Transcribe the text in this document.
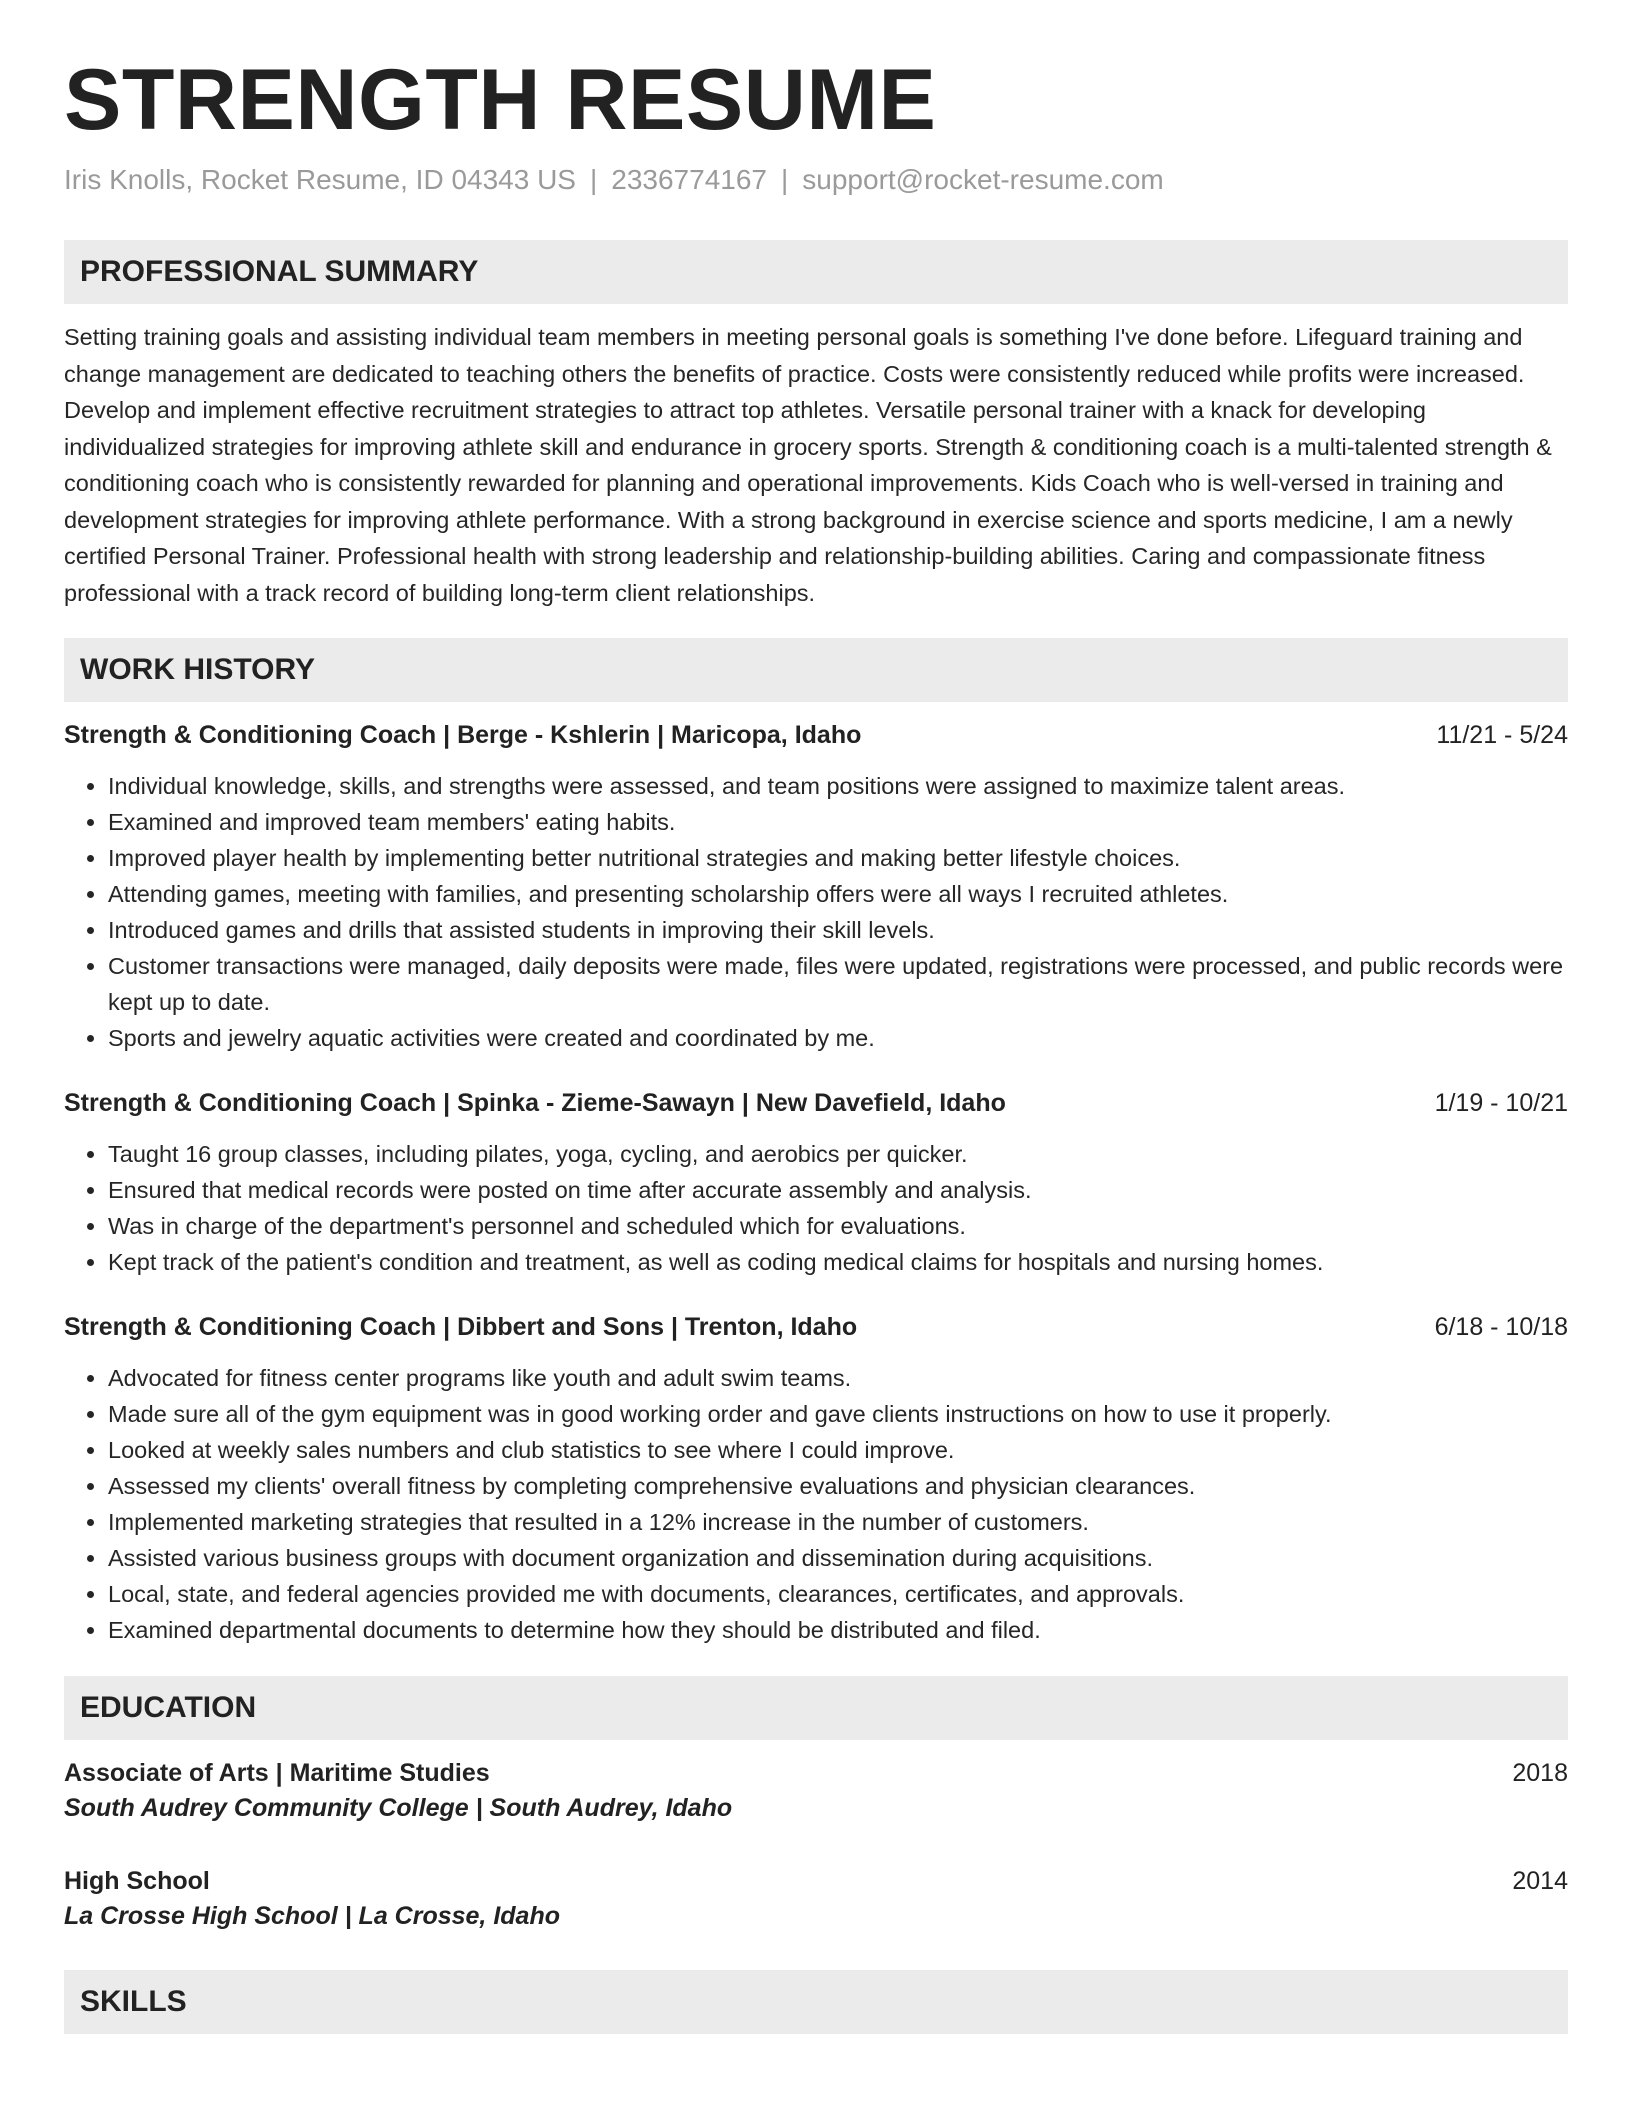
STRENGTH RESUME
Iris Knolls, Rocket Resume, ID 04343 US | 2336774167 | support@rocket-resume.com
PROFESSIONAL SUMMARY

Setting training goals and assisting individual team members in meeting personal goals is something I've done before. Lifeguard training and change management are dedicated to teaching others the benefits of practice. Costs were consistently reduced while profits were increased. Develop and implement effective recruitment strategies to attract top athletes. Versatile personal trainer with a knack for developing individualized strategies for improving athlete skill and endurance in grocery sports. Strength & conditioning coach is a multi-talented strength & conditioning coach who is consistently rewarded for planning and operational improvements. Kids Coach who is well-versed in training and development strategies for improving athlete performance. With a strong background in exercise science and sports medicine, I am a newly certified Personal Trainer. Professional health with strong leadership and relationship-building abilities. Caring and compassionate fitness professional with a track record of building long-term client relationships.

WORK HISTORY
Strength & Conditioning Coach | Berge - Kshlerin | Maricopa, Idaho	11/21 - 5/24
• Individual knowledge, skills, and strengths were assessed, and team positions were assigned to maximize talent areas.
• Examined and improved team members' eating habits.
• Improved player health by implementing better nutritional strategies and making better lifestyle choices.
• Attending games, meeting with families, and presenting scholarship offers were all ways I recruited athletes.
• Introduced games and drills that assisted students in improving their skill levels.
• Customer transactions were managed, daily deposits were made, files were updated, registrations were processed, and public records were kept up to date.
• Sports and jewelry aquatic activities were created and coordinated by me.
Strength & Conditioning Coach | Spinka - Zieme-Sawayn | New Davefield, Idaho	1/19 - 10/21
• Taught 16 group classes, including pilates, yoga, cycling, and aerobics per quicker.
• Ensured that medical records were posted on time after accurate assembly and analysis.
• Was in charge of the department's personnel and scheduled which for evaluations.
• Kept track of the patient's condition and treatment, as well as coding medical claims for hospitals and nursing homes.
Strength & Conditioning Coach | Dibbert and Sons | Trenton, Idaho	6/18 - 10/18
• Advocated for fitness center programs like youth and adult swim teams.
• Made sure all of the gym equipment was in good working order and gave clients instructions on how to use it properly.
• Looked at weekly sales numbers and club statistics to see where I could improve.
• Assessed my clients' overall fitness by completing comprehensive evaluations and physician clearances.
• Implemented marketing strategies that resulted in a 12% increase in the number of customers.
• Assisted various business groups with document organization and dissemination during acquisitions.
• Local, state, and federal agencies provided me with documents, clearances, certificates, and approvals.
• Examined departmental documents to determine how they should be distributed and filed.
EDUCATION
Associate of Arts | Maritime Studies	2018
South Audrey Community College | South Audrey, Idaho
High School	2014
La Crosse High School | La Crosse, Idaho
SKILLS
